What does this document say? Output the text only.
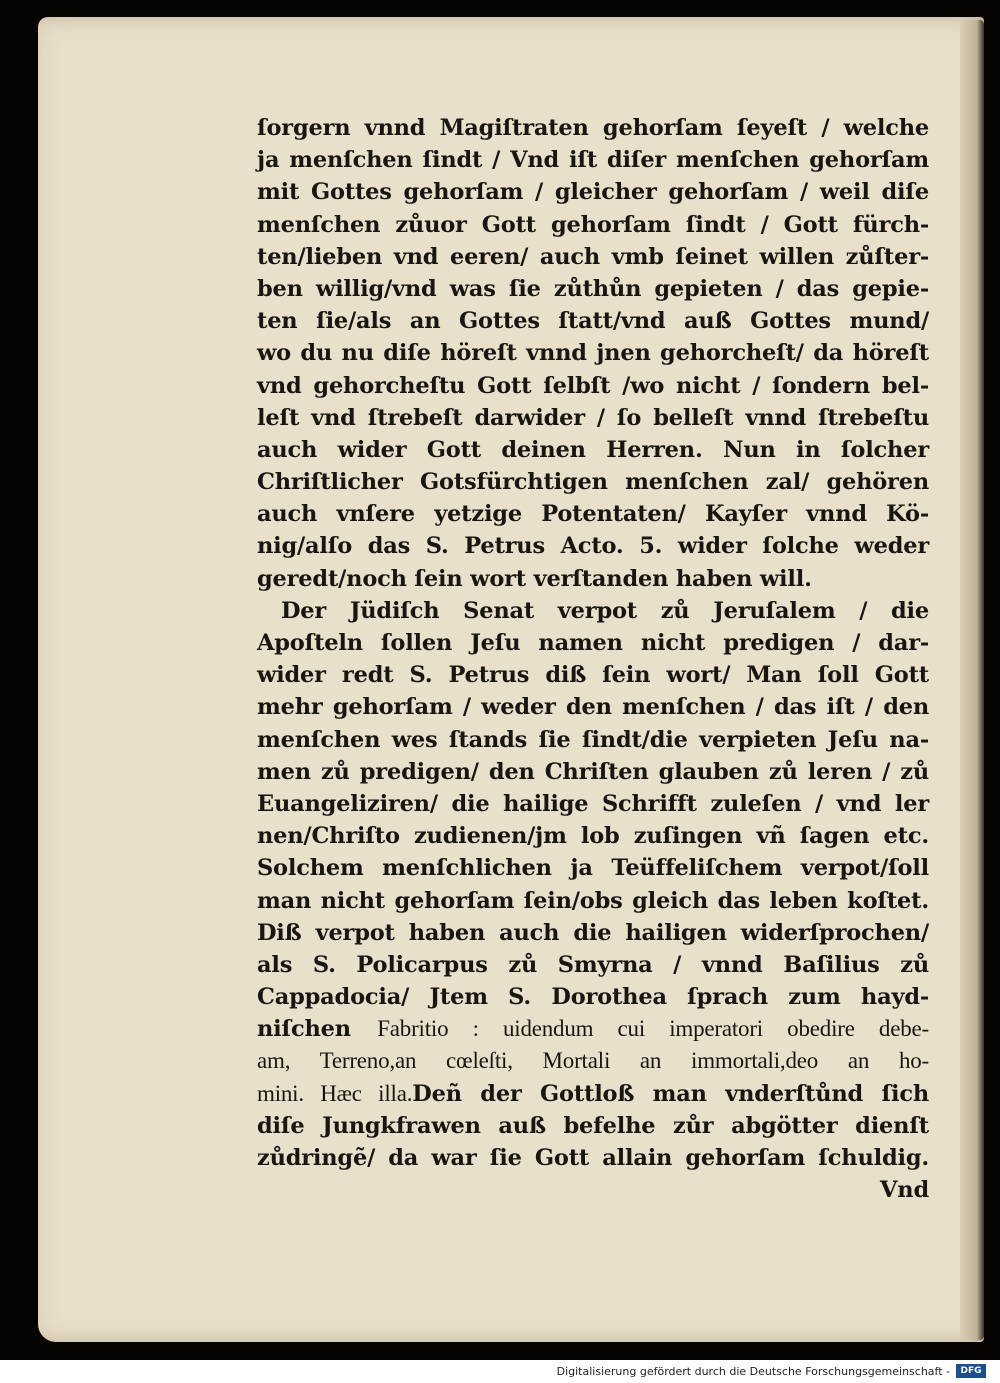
ſorgern vnnd Magiſtraten gehorſam ſeyeſt / welche
ja menſchen ſindt / Vnd iſt diſer menſchen gehorſam
mit Gottes gehorſam / gleicher gehorſam / weil diſe
menſchen zůuor Gott gehorſam ſindt / Gott fürch-
ten/lieben vnd eeren/ auch vmb ſeinet willen zůſter-
ben willig/vnd was ſie zůthůn gepieten / das gepie-
ten ſie/als an Gottes ſtatt/vnd auß Gottes mund/
wo du nu diſe höreſt vnnd jnen gehorcheſt/ da höreſt
vnd gehorcheſtu Gott ſelbſt /wo nicht / ſondern bel-
leſt vnd ſtrebeſt darwider / ſo belleſt vnnd ſtrebeſtu
auch wider Gott deinen Herren. Nun in ſolcher
Chriſtlicher Gotsfürchtigen menſchen zal/ gehören
auch vnſere yetzige Potentaten/ Kayſer vnnd Kö-
nig/alſo das S. Petrus Acto. 5. wider ſolche weder
geredt/noch ſein wort verſtanden haben will.
Der Jüdiſch Senat verpot zů Jeruſalem / die
Apoſteln ſollen Jeſu namen nicht predigen / dar-
wider redt S. Petrus diß ſein wort/ Man ſoll Gott
mehr gehorſam / weder den menſchen / das iſt / den
menſchen wes ſtands ſie ſindt/die verpieten Jeſu na-
men zů predigen/ den Chriſten glauben zů leren / zů
Euangeliziren/ die hailige Schrifft zuleſen / vnd ler
nen/Chriſto zudienen/jm lob zuſingen vñ ſagen etc.
Solchem menſchlichen ja Teüffeliſchem verpot/ſoll
man nicht gehorſam ſein/obs gleich das leben koſtet.
Diß verpot haben auch die hailigen widerſprochen/
als S. Policarpus zů Smyrna / vnnd Baſilius zů
Cappadocia/ Jtem S. Dorothea ſprach zum hayd-
niſchen Fabritio : uidendum cui imperatori obedire debe-
am, Terreno,an cœleſti, Mortali an immortali,deo an ho-
mini. Hæc illa.Deñ der Gottloß man vnderſtůnd ſich
diſe Jungkfrawen auß befelhe zůr abgötter dienſt
zůdringẽ/ da war ſie Gott allain gehorſam ſchuldig.
Vnd
Digitalisierung gefördert durch die Deutsche Forschungsgemeinschaft -	DFG
